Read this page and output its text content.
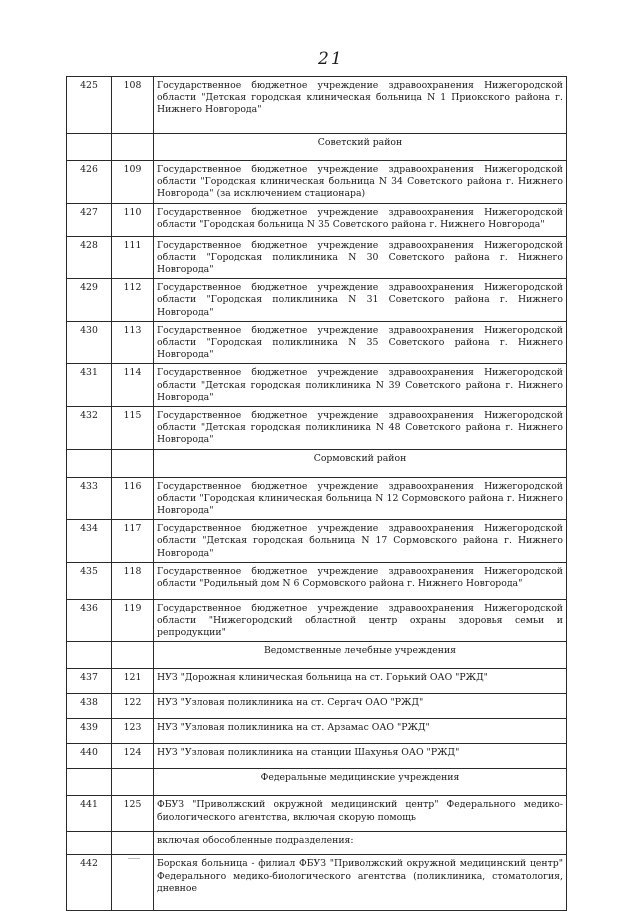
21
425	108	Государственное бюджетное учреждение здравоохранения Нижегородской области "Детская городская клиническая больница N 1 Приокского района г. Нижнего Новгорода"
		Советский район
426	109	Государственное бюджетное учреждение здравоохранения Нижегородской области "Городская клиническая больница N 34 Советского района г. Нижнего Новгорода" (за исключением стационара)
427	110	Государственное бюджетное учреждение здравоохранения Нижегородской области "Городская больница N 35 Советского района г. Нижнего Новгорода"
428	111	Государственное бюджетное учреждение здравоохранения Нижегородской области "Городская поликлиника N 30 Советского района г. Нижнего Новгорода"
429	112	Государственное бюджетное учреждение здравоохранения Нижегородской области "Городская поликлиника N 31 Советского района г. Нижнего Новгорода"
430	113	Государственное бюджетное учреждение здравоохранения Нижегородской области "Городская поликлиника N 35 Советского района г. Нижнего Новгорода"
431	114	Государственное бюджетное учреждение здравоохранения Нижегородской области "Детская городская поликлиника N 39 Советского района г. Нижнего Новгорода"
432	115	Государственное бюджетное учреждение здравоохранения Нижегородской области "Детская городская поликлиника N 48 Советского района г. Нижнего Новгорода"
		Сормовский район
433	116	Государственное бюджетное учреждение здравоохранения Нижегородской области "Городская клиническая больница N 12 Сормовского района г. Нижнего Новгорода"
434	117	Государственное бюджетное учреждение здравоохранения Нижегородской области "Детская городская больница N 17 Сормовского района г. Нижнего Новгорода"
435	118	Государственное бюджетное учреждение здравоохранения Нижегородской области "Родильный дом N 6 Сормовского района г. Нижнего Новгорода"
436	119	Государственное бюджетное учреждение здравоохранения Нижегородской области "Нижегородский областной центр охраны здоровья семьи и репродукции"
		Ведомственные лечебные учреждения
437	121	НУЗ "Дорожная клиническая больница на ст. Горький ОАО "РЖД"
438	122	НУЗ "Узловая поликлиника на ст. Сергач ОАО "РЖД"
439	123	НУЗ "Узловая поликлиника на ст. Арзамас ОАО "РЖД"
440	124	НУЗ "Узловая поликлиника на станции Шахунья ОАО "РЖД"
		Федеральные медицинские учреждения
441	125	ФБУЗ "Приволжский окружной медицинский центр" Федерального медико-биологического агентства, включая скорую помощь
		включая обособленные подразделения:
442		Борская больница - филиал ФБУЗ "Приволжский окружной медицинский центр" Федерального медико-биологического агентства (поликлиника, стоматология, дневное
